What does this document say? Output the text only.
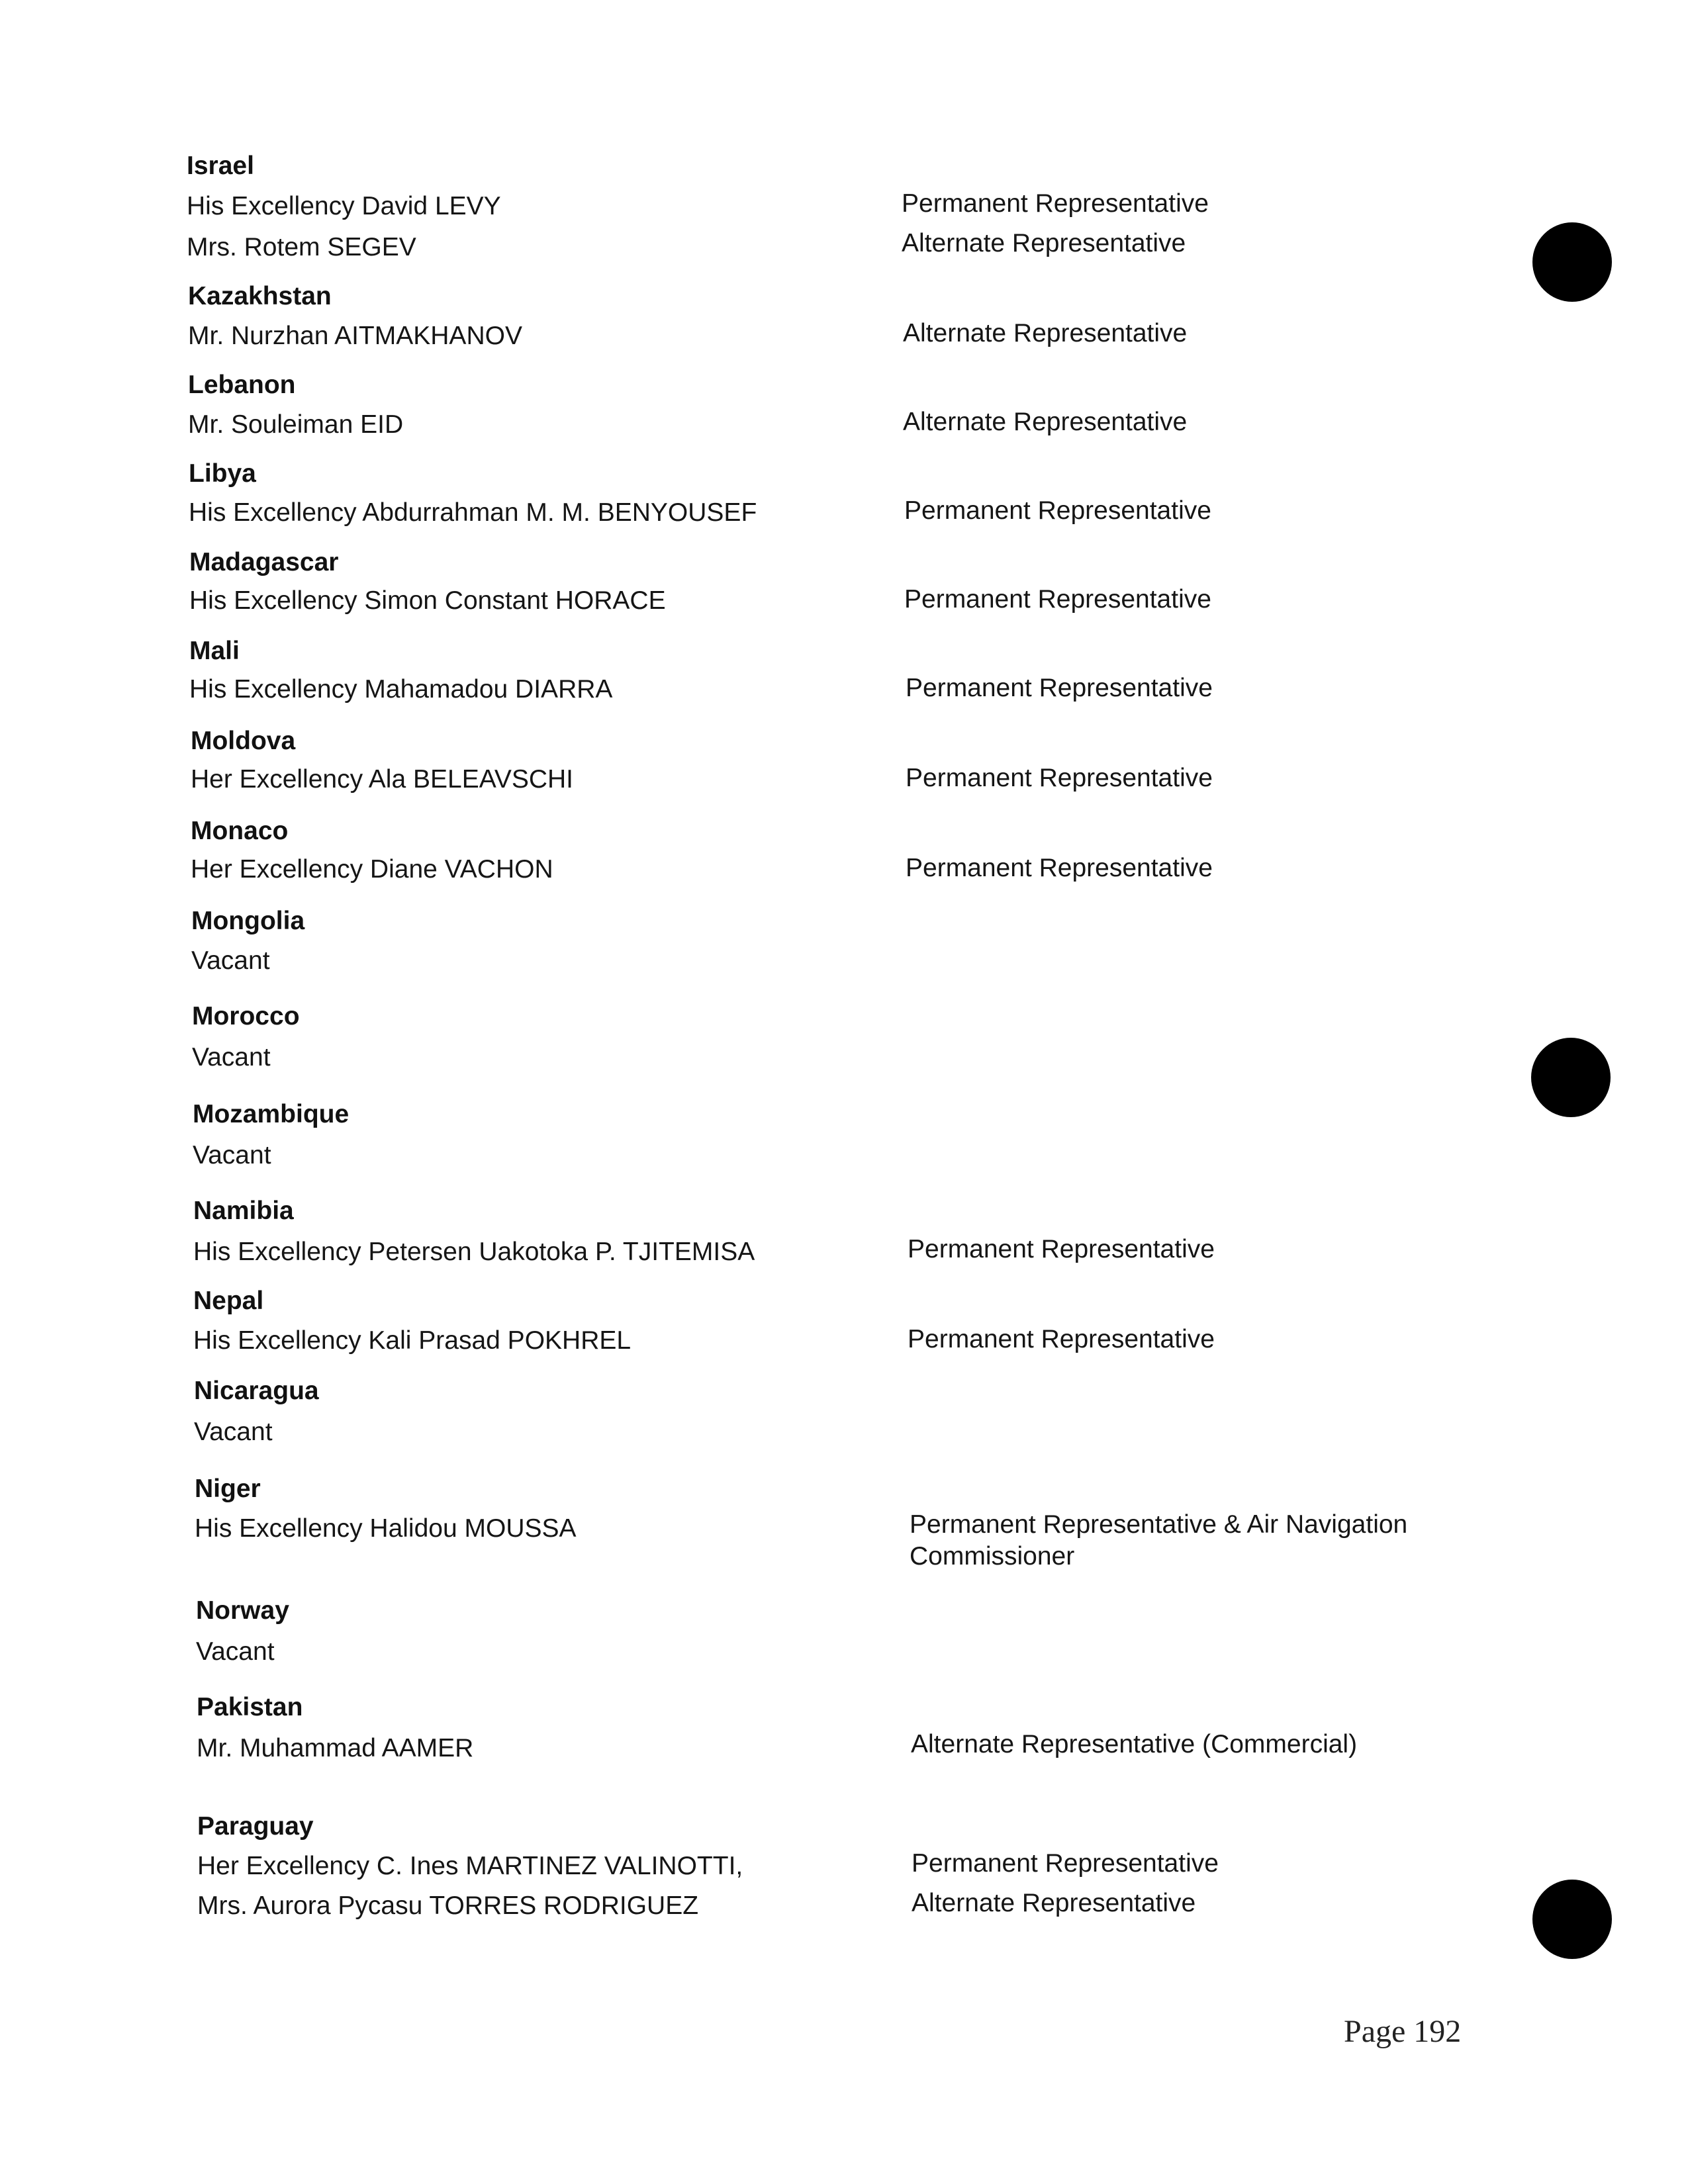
Israel
His Excellency David LEVY	Permanent Representative
Mrs. Rotem SEGEV	Alternate Representative
Kazakhstan
Mr. Nurzhan AITMAKHANOV	Alternate Representative
Lebanon
Mr. Souleiman EID	Alternate Representative
Libya
His Excellency Abdurrahman M. M. BENYOUSEF	Permanent Representative
Madagascar
His Excellency Simon Constant HORACE	Permanent Representative
Mali
His Excellency Mahamadou DIARRA	Permanent Representative
Moldova
Her Excellency Ala BELEAVSCHI	Permanent Representative
Monaco
Her Excellency Diane VACHON	Permanent Representative
Mongolia
Vacant
Morocco
Vacant
Mozambique
Vacant
Namibia
His Excellency Petersen Uakotoka P. TJITEMISA	Permanent Representative
Nepal
His Excellency Kali Prasad POKHREL	Permanent Representative
Nicaragua
Vacant
Niger
His Excellency Halidou MOUSSA	Permanent Representative & Air Navigation Commissioner
Norway
Vacant
Pakistan
Mr. Muhammad AAMER	Alternate Representative (Commercial)
Paraguay
Her Excellency C. Ines MARTINEZ VALINOTTI,	Permanent Representative
Mrs. Aurora Pycasu TORRES RODRIGUEZ	Alternate Representative
Page 192
